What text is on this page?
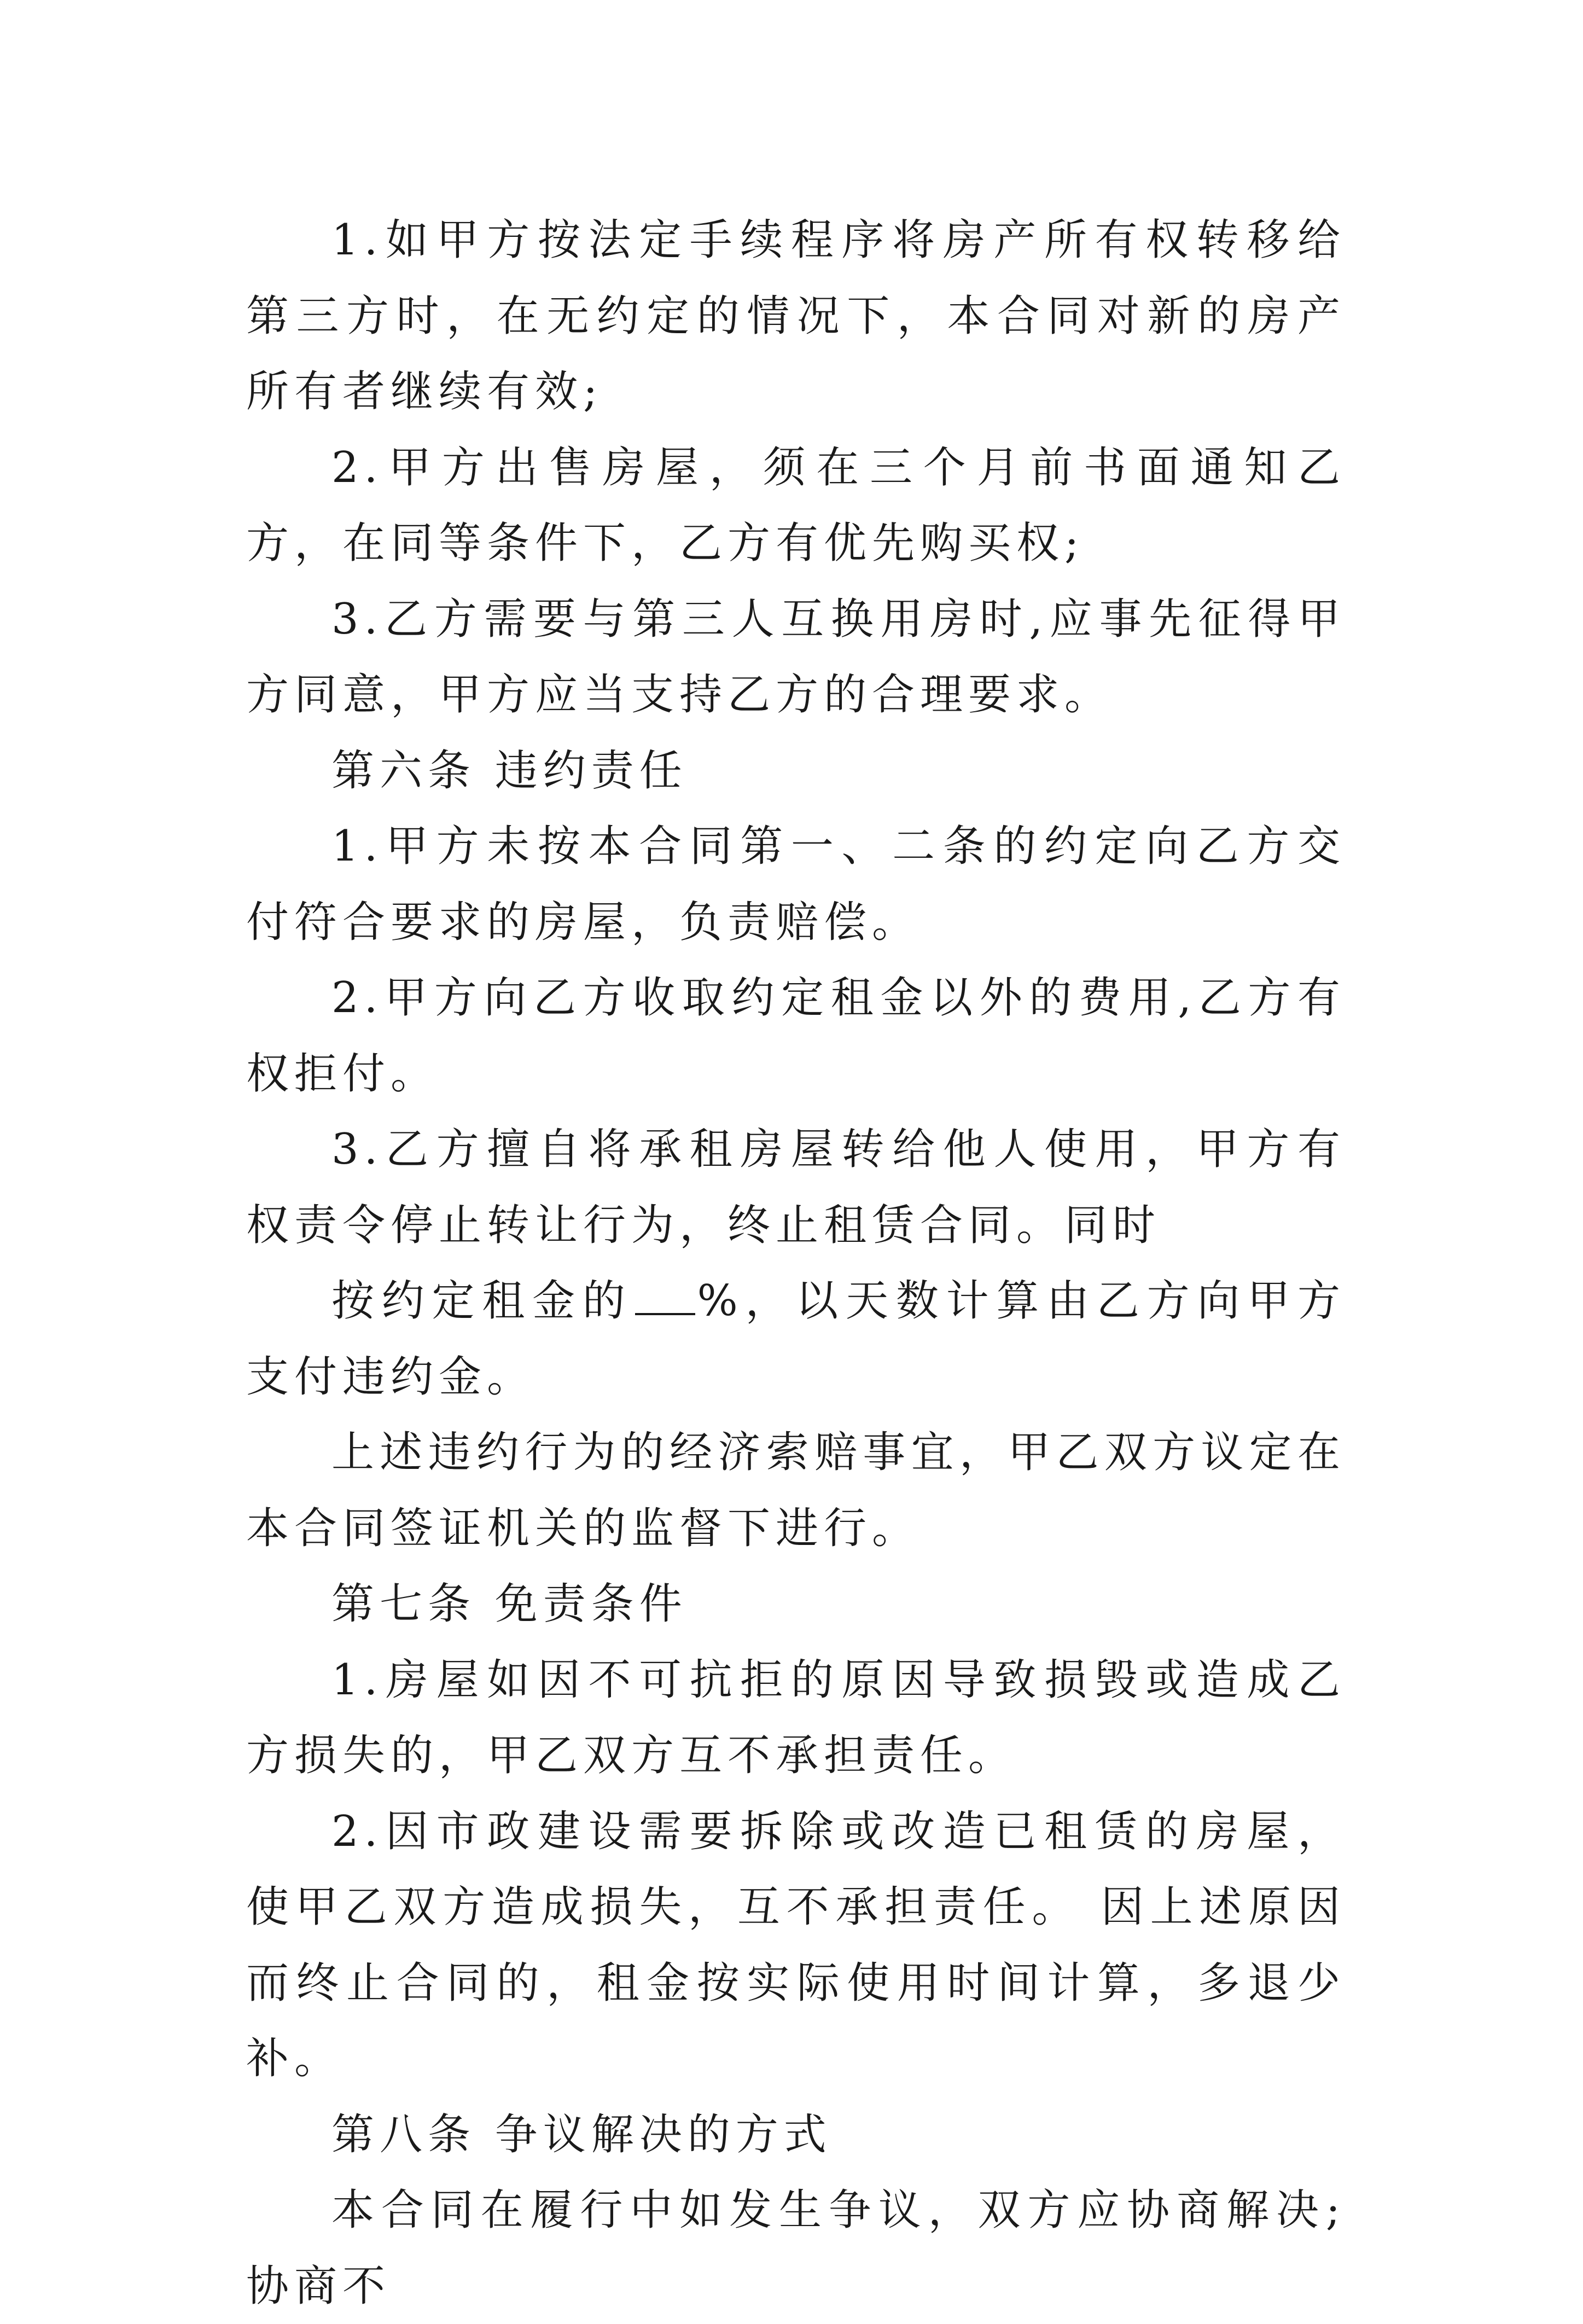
1.如甲方按法定手续程序将房产所有权转移给第三方时，在无约定的情况下，本合同对新的房产所有者继续有效;

2.甲方出售房屋，须在三个月前书面通知乙方，在同等条件下，乙方有优先购买权;

3.乙方需要与第三人互换用房时,应事先征得甲方同意，甲方应当支持乙方的合理要求。

第六条 违约责任

1.甲方未按本合同第一、二条的约定向乙方交付符合要求的房屋，负责赔偿。

2.甲方向乙方收取约定租金以外的费用,乙方有权拒付。

3.乙方擅自将承租房屋转给他人使用，甲方有权责令停止转让行为，终止租赁合同。同时

按约定租金的 %，以天数计算由乙方向甲方支付违约金。

上述违约行为的经济索赔事宜，甲乙双方议定在本合同签证机关的监督下进行。

第七条 免责条件

1.房屋如因不可抗拒的原因导致损毁或造成乙方损失的，甲乙双方互不承担责任。

2.因市政建设需要拆除或改造已租赁的房屋，使甲乙双方造成损失，互不承担责任。 因上述原因而终止合同的，租金按实际使用时间计算，多退少补。

第八条 争议解决的方式

本合同在履行中如发生争议，双方应协商解决;协商不
